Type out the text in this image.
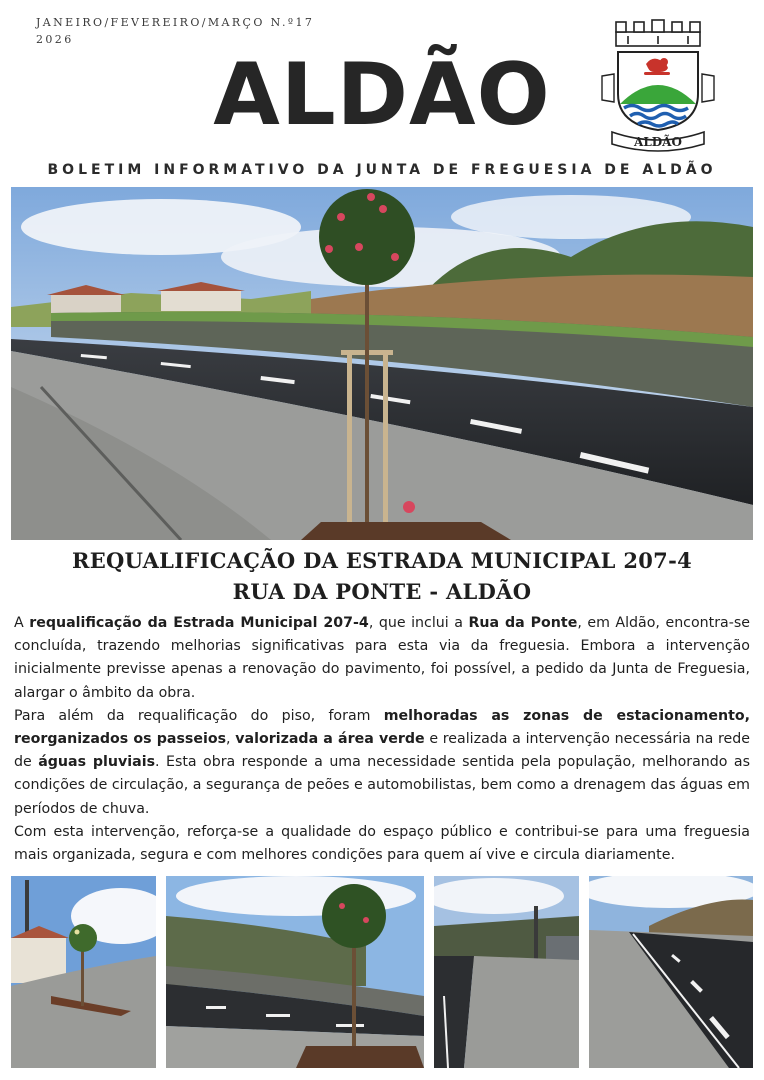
JANEIRO/FEVEREIRO/MARÇO N.º17
2026
ALDÃO	ALDÃO
BOLETIM INFORMATIVO DA JUNTA DE FREGUESIA DE ALDÃO
REQUALIFICAÇÃO DA ESTRADA MUNICIPAL 207-4
RUA DA PONTE - ALDÃO

A requalificação da Estrada Municipal 207-4, que inclui a Rua da Ponte, em Aldão, encontra-se concluída, trazendo melhorias significativas para esta via da freguesia. Embora a intervenção inicialmente previsse apenas a renovação do pavimento, foi possível, a pedido da Junta de Freguesia, alargar o âmbito da obra.

Para além da requalificação do piso, foram melhoradas as zonas de estacionamento, reorganizados os passeios, valorizada a área verde e realizada a intervenção necessária na rede de águas pluviais. Esta obra responde a uma necessidade sentida pela população, melhorando as condições de circulação, a segurança de peões e automobilistas, bem como a drenagem das águas em períodos de chuva.

Com esta intervenção, reforça-se a qualidade do espaço público e contribui-se para uma freguesia mais organizada, segura e com melhores condições para quem aí vive e circula diariamente.
